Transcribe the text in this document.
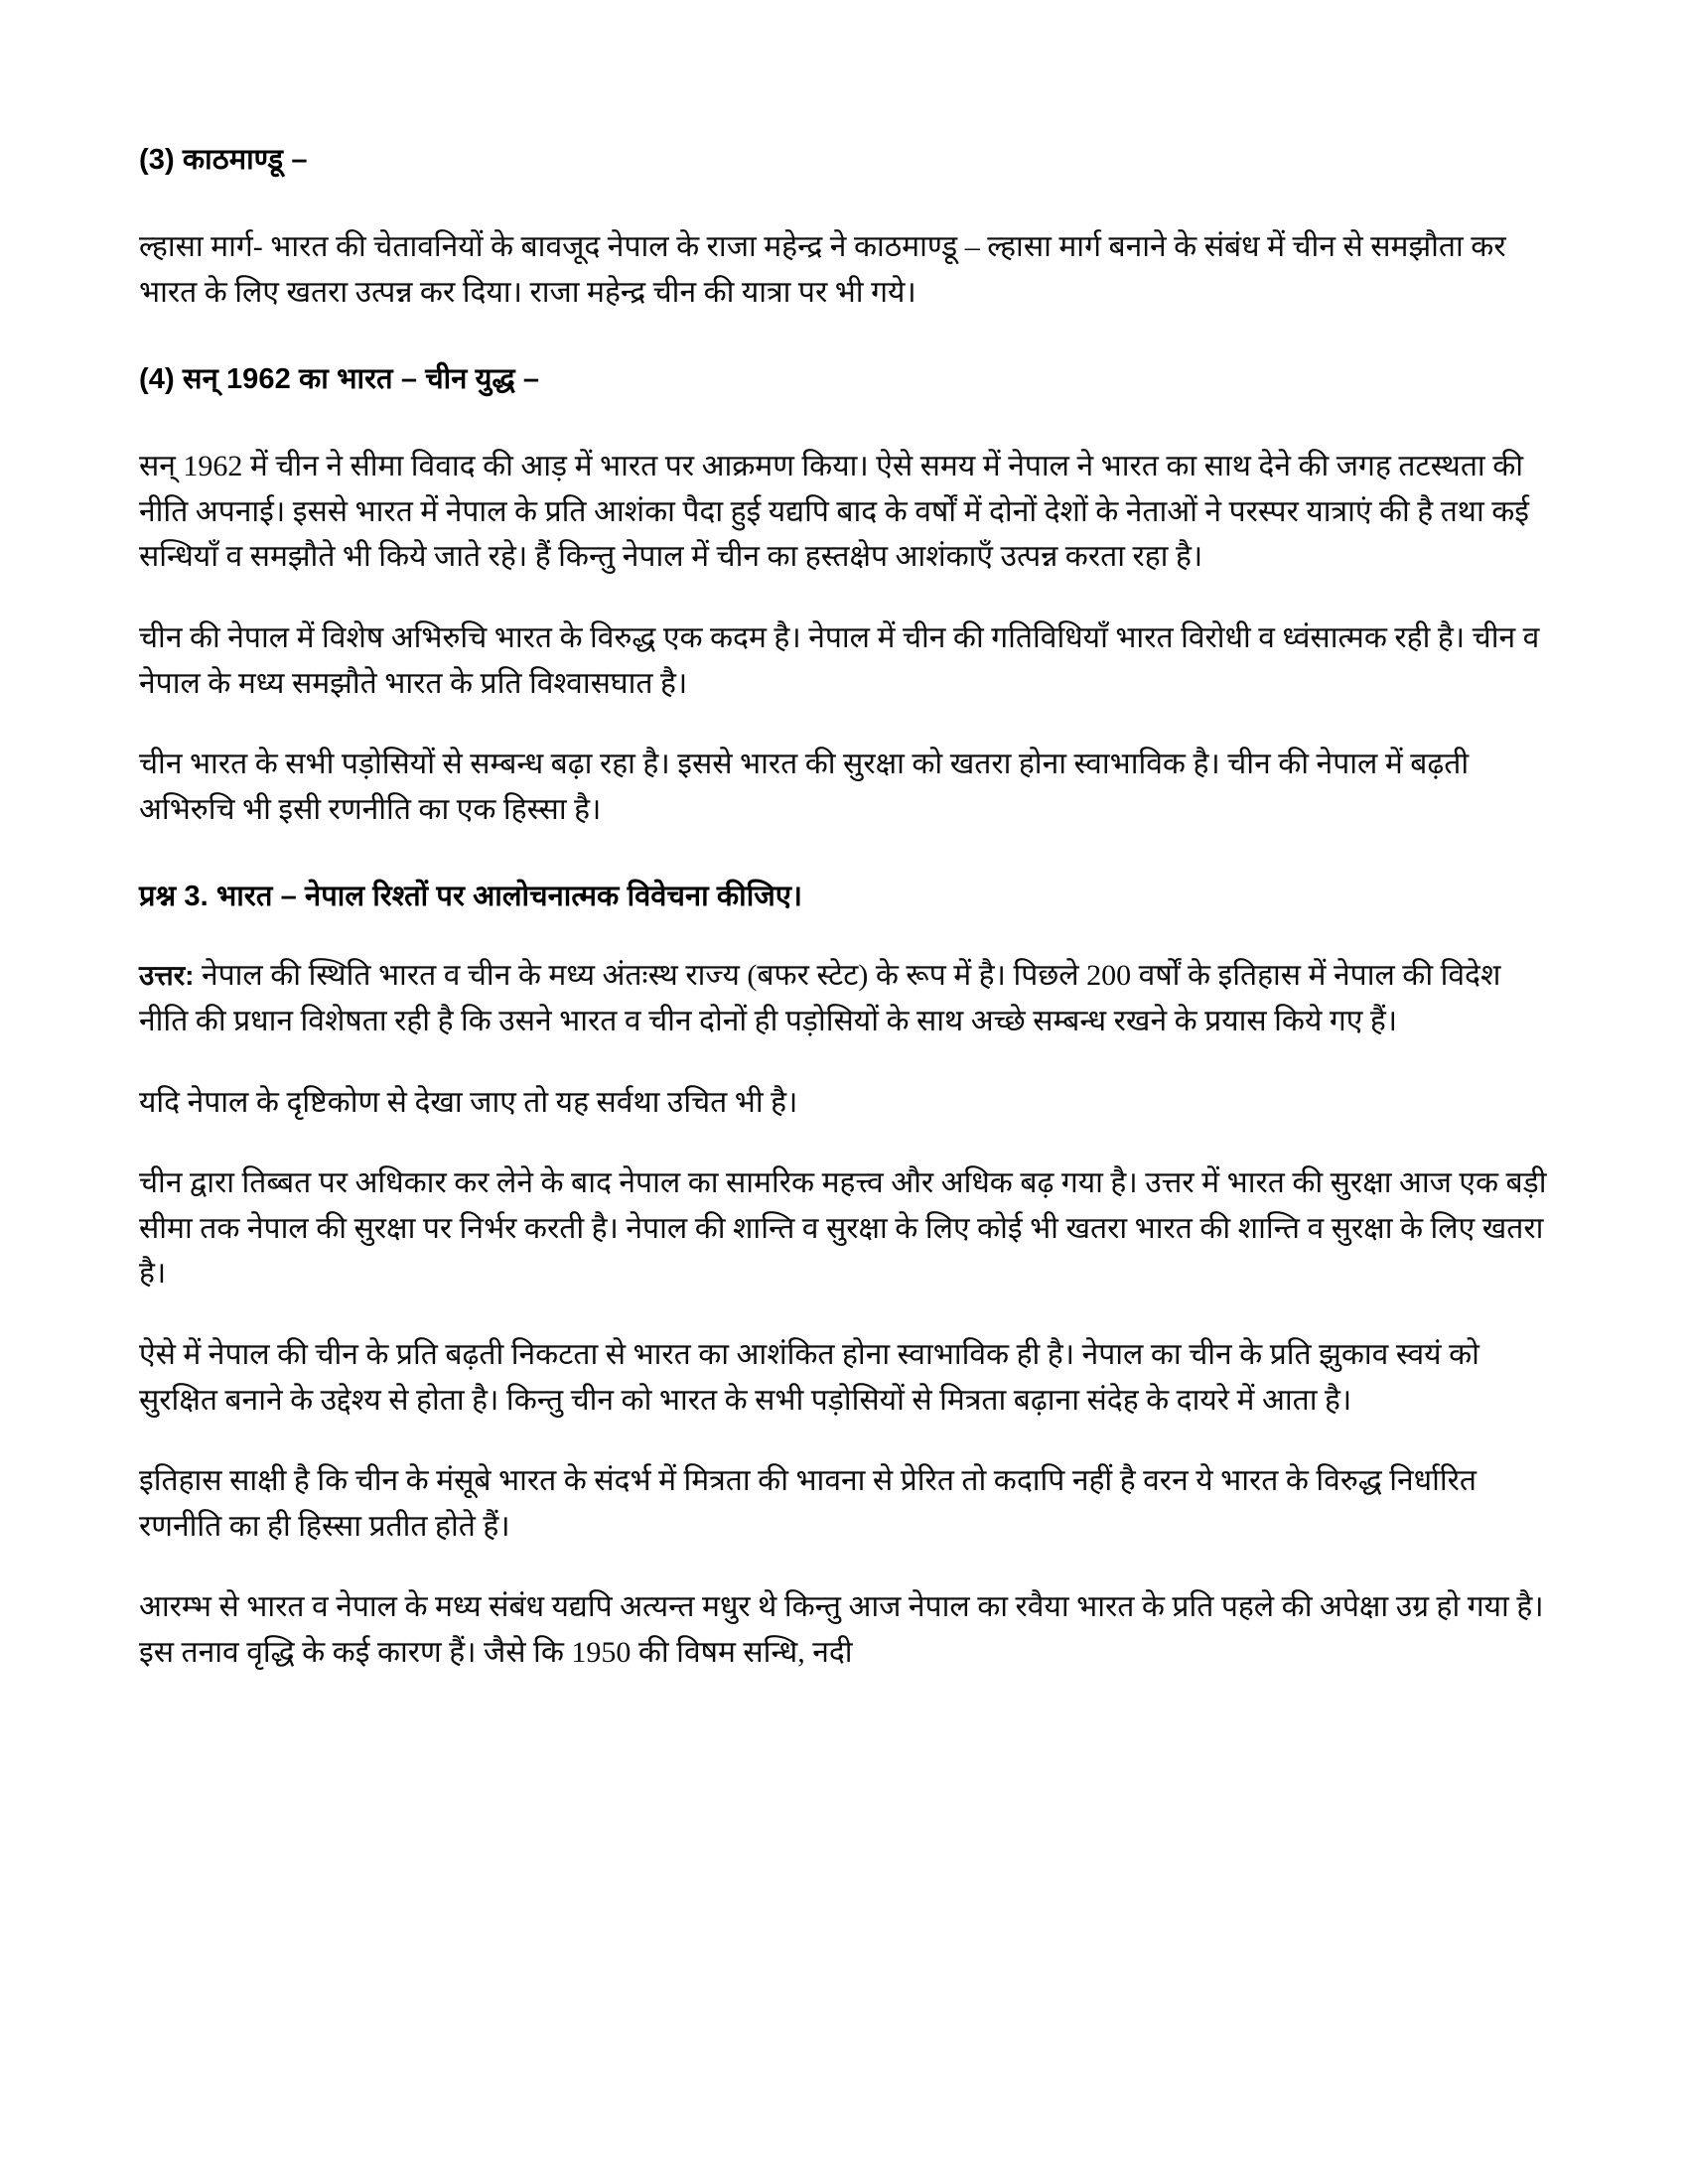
(3) काठमाण्डू –
ल्हासा मार्ग- भारत की चेतावनियों के बावजूद नेपाल के राजा महेन्द्र ने काठमाण्डू – ल्हासा मार्ग बनाने के संबंध में चीन से समझौता कर भारत के लिए खतरा उत्पन्न कर दिया। राजा महेन्द्र चीन की यात्रा पर भी गये।
(4) सन् 1962 का भारत – चीन युद्ध –
सन् 1962 में चीन ने सीमा विवाद की आड़ में भारत पर आक्रमण किया। ऐसे समय में नेपाल ने भारत का साथ देने की जगह तटस्थता की नीति अपनाई। इससे भारत में नेपाल के प्रति आशंका पैदा हुई यद्यपि बाद के वर्षों में दोनों देशों के नेताओं ने परस्पर यात्राएं की है तथा कई सन्धियाँ व समझौते भी किये जाते रहे। हैं किन्तु नेपाल में चीन का हस्तक्षेप आशंकाएँ उत्पन्न करता रहा है।
चीन की नेपाल में विशेष अभिरुचि भारत के विरुद्ध एक कदम है। नेपाल में चीन की गतिविधियाँ भारत विरोधी व ध्वंसात्मक रही है। चीन व नेपाल के मध्य समझौते भारत के प्रति विश्वासघात है।
चीन भारत के सभी पड़ोसियों से सम्बन्ध बढ़ा रहा है। इससे भारत की सुरक्षा को खतरा होना स्वाभाविक है। चीन की नेपाल में बढ़ती अभिरुचि भी इसी रणनीति का एक हिस्सा है।
प्रश्न 3. भारत – नेपाल रिश्तों पर आलोचनात्मक विवेचना कीजिए।
उत्तर: नेपाल की स्थिति भारत व चीन के मध्य अंतःस्थ राज्य (बफर स्टेट) के रूप में है। पिछले 200 वर्षों के इतिहास में नेपाल की विदेश नीति की प्रधान विशेषता रही है कि उसने भारत व चीन दोनों ही पड़ोसियों के साथ अच्छे सम्बन्ध रखने के प्रयास किये गए हैं।
यदि नेपाल के दृष्टिकोण से देखा जाए तो यह सर्वथा उचित भी है।
चीन द्वारा तिब्बत पर अधिकार कर लेने के बाद नेपाल का सामरिक महत्त्व और अधिक बढ़ गया है। उत्तर में भारत की सुरक्षा आज एक बड़ी सीमा तक नेपाल की सुरक्षा पर निर्भर करती है। नेपाल की शान्ति व सुरक्षा के लिए कोई भी खतरा भारत की शान्ति व सुरक्षा के लिए खतरा है।
ऐसे में नेपाल की चीन के प्रति बढ़ती निकटता से भारत का आशंकित होना स्वाभाविक ही है। नेपाल का चीन के प्रति झुकाव स्वयं को सुरक्षित बनाने के उद्देश्य से होता है। किन्तु चीन को भारत के सभी पड़ोसियों से मित्रता बढ़ाना संदेह के दायरे में आता है।
इतिहास साक्षी है कि चीन के मंसूबे भारत के संदर्भ में मित्रता की भावना से प्रेरित तो कदापि नहीं है वरन ये भारत के विरुद्ध निर्धारित रणनीति का ही हिस्सा प्रतीत होते हैं।
आरम्भ से भारत व नेपाल के मध्य संबंध यद्यपि अत्यन्त मधुर थे किन्तु आज नेपाल का रवैया भारत के प्रति पहले की अपेक्षा उग्र हो गया है। इस तनाव वृद्धि के कई कारण हैं। जैसे कि 1950 की विषम सन्धि, नदी
